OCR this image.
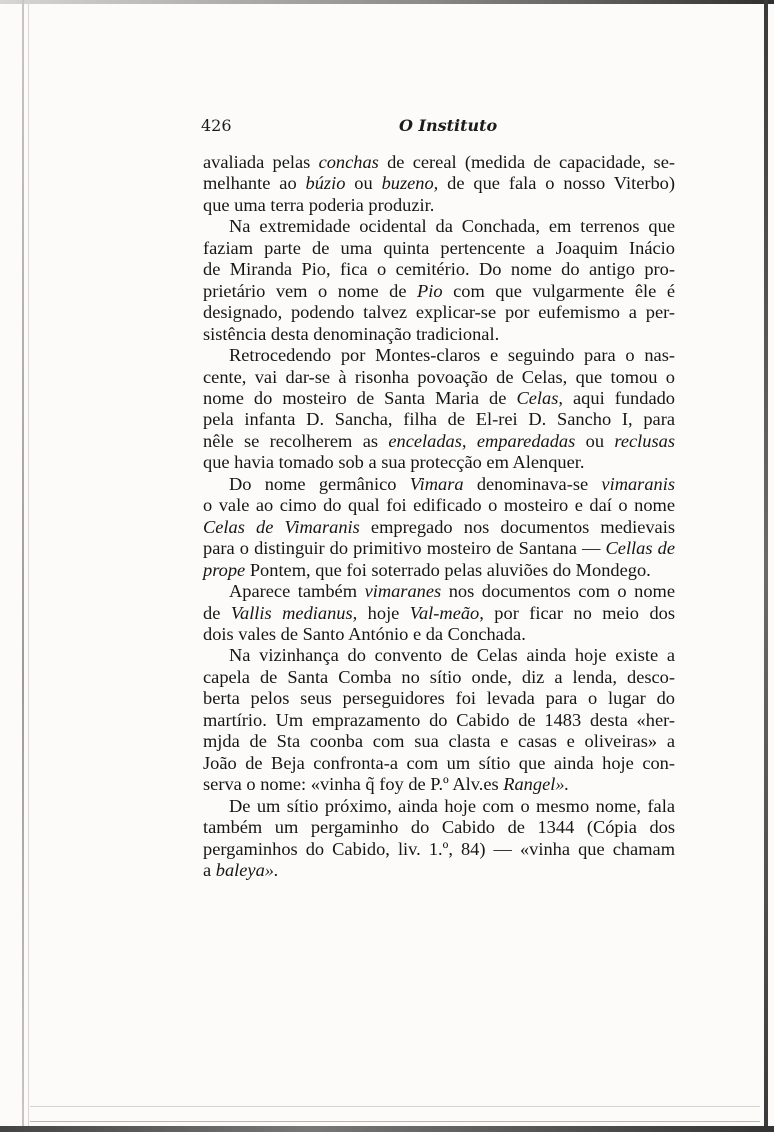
426	O Instituto
avaliada pelas conchas de cereal (medida de capacidade, se-
melhante ao búzio ou buzeno, de que fala o nosso Viterbo)
que uma terra poderia produzir.
Na extremidade ocidental da Conchada, em terrenos que
faziam parte de uma quinta pertencente a Joaquim Inácio
de Miranda Pio, fica o cemitério. Do nome do antigo pro-
prietário vem o nome de Pio com que vulgarmente êle é
designado, podendo talvez explicar-se por eufemismo a per-
sistência desta denominação tradicional.
Retrocedendo por Montes-claros e seguindo para o nas-
cente, vai dar-se à risonha povoação de Celas, que tomou o
nome do mosteiro de Santa Maria de Celas, aqui fundado
pela infanta D. Sancha, filha de El-rei D. Sancho I, para
nêle se recolherem as enceladas, emparedadas ou reclusas
que havia tomado sob a sua protecção em Alenquer.
Do nome germânico Vimara denominava-se vimaranis
o vale ao cimo do qual foi edificado o mosteiro e daí o nome
Celas de Vimaranis empregado nos documentos medievais
para o distinguir do primitivo mosteiro de Santana — Cellas de
prope Pontem, que foi soterrado pelas aluviões do Mondego.
Aparece também vimaranes nos documentos com o nome
de Vallis medianus, hoje Val-meão, por ficar no meio dos
dois vales de Santo António e da Conchada.
Na vizinhança do convento de Celas ainda hoje existe a
capela de Santa Comba no sítio onde, diz a lenda, desco-
berta pelos seus perseguidores foi levada para o lugar do
martírio. Um emprazamento do Cabido de 1483 desta «her-
mjda de Sta coonba com sua clasta e casas e oliveiras» a
João de Beja confronta-a com um sítio que ainda hoje con-
serva o nome: «vinha q̃ foy de P.º Alv.es Rangel».
De um sítio próximo, ainda hoje com o mesmo nome, fala
também um pergaminho do Cabido de 1344 (Cópia dos
pergaminhos do Cabido, liv. 1.º, 84) — «vinha que chamam
a baleya».
